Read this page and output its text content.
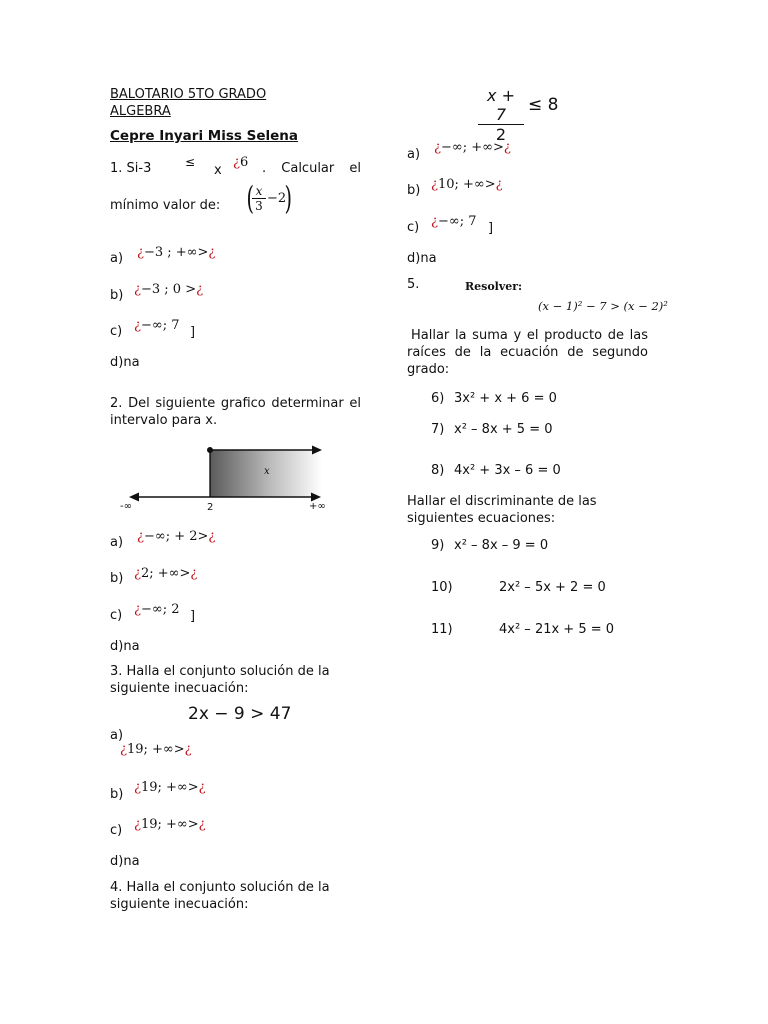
BALOTARIO 5TO GRADO
ALGEBRA
Cepre Inyari Miss Selena
1. Si-3	≤
x
¿6 . Calcular el
mínimo valor de: (
$\frac{x}{3} -2$
)
a) ¿−3 ; +∞>¿
b) ¿−3 ; 0 >¿
c) ¿−∞; 7 ]
d)na
2. Del siguiente grafico determinar el intervalo para x.
x
-∞	2	+∞
a) ¿−∞; + 2>¿
b) ¿2; +∞>¿
c) ¿−∞; 2 ]
d)na
3. Halla el conjunto solución de la
siguiente inecuación:
2x − 9 > 47
a)
¿19; +∞>¿
b) ¿19; +∞>¿
c) ¿19; +∞>¿
d)na
4. Halla el conjunto solución de la
siguiente inecuación:
$\frac{x + 7}{2} \le 8$
a) ¿−∞; +∞>¿
b) ¿10; +∞>¿
c) ¿−∞; 7 ]
d)na
5.	Resolver:
(x − 1)² − 7 > (x − 2)²
Hallar la suma y el producto de las raíces de la ecuación de segundo grado:
6) 3x² + x + 6 = 0
7) x² – 8x + 5 = 0
8) 4x² + 3x – 6 = 0
Hallar el discriminante de las
siguientes ecuaciones:
9) x² – 8x – 9 = 0
10)	2x² – 5x + 2 = 0
11)	4x² – 21x + 5 = 0
